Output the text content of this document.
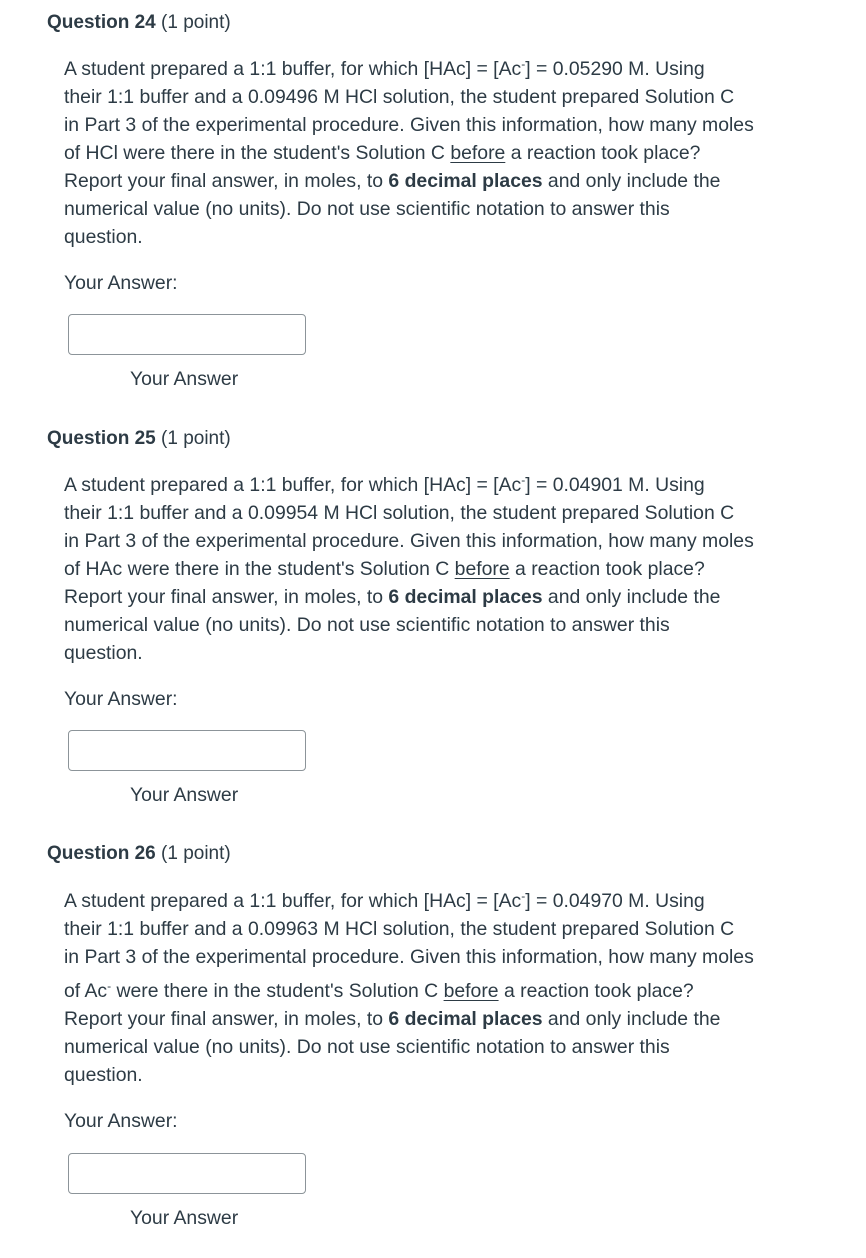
Question 24 (1 point)
A student prepared a 1:1 buffer, for which [HAc] = [Ac-] = 0.05290 M. Using
their 1:1 buffer and a 0.09496 M HCl solution, the student prepared Solution C
in Part 3 of the experimental procedure. Given this information, how many moles
of HCl were there in the student's Solution C before a reaction took place?
Report your final answer, in moles, to 6 decimal places and only include the
numerical value (no units). Do not use scientific notation to answer this
question.
Your Answer:
Your Answer
Question 25 (1 point)
A student prepared a 1:1 buffer, for which [HAc] = [Ac-] = 0.04901 M. Using
their 1:1 buffer and a 0.09954 M HCl solution, the student prepared Solution C
in Part 3 of the experimental procedure. Given this information, how many moles
of HAc were there in the student's Solution C before a reaction took place?
Report your final answer, in moles, to 6 decimal places and only include the
numerical value (no units). Do not use scientific notation to answer this
question.
Your Answer:
Your Answer
Question 26 (1 point)
A student prepared a 1:1 buffer, for which [HAc] = [Ac-] = 0.04970 M. Using
their 1:1 buffer and a 0.09963 M HCl solution, the student prepared Solution C
in Part 3 of the experimental procedure. Given this information, how many moles
of Ac- were there in the student's Solution C before a reaction took place?
Report your final answer, in moles, to 6 decimal places and only include the
numerical value (no units). Do not use scientific notation to answer this
question.
Your Answer:
Your Answer
